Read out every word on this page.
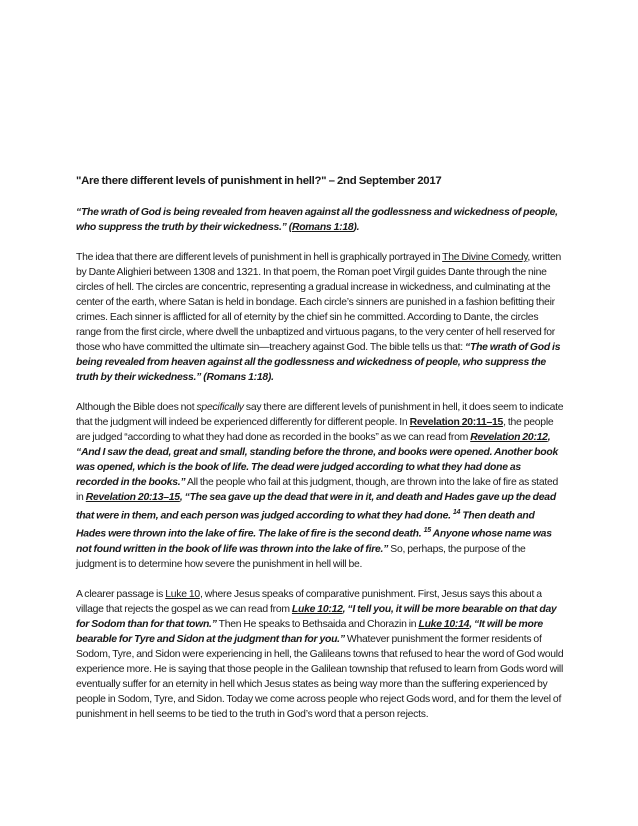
"Are there different levels of punishment in hell?" – 2nd September 2017

“The wrath of God is being revealed from heaven against all the godlessness and wickedness of people, who suppress the truth by their wickedness.” (Romans 1:18).

The idea that there are different levels of punishment in hell is graphically portrayed in The Divine Comedy, written by Dante Alighieri between 1308 and 1321. In that poem, the Roman poet Virgil guides Dante through the nine circles of hell. The circles are concentric, representing a gradual increase in wickedness, and culminating at the center of the earth, where Satan is held in bondage. Each circle’s sinners are punished in a fashion befitting their crimes. Each sinner is afflicted for all of eternity by the chief sin he committed. According to Dante, the circles range from the first circle, where dwell the unbaptized and virtuous pagans, to the very center of hell reserved for those who have committed the ultimate sin—treachery against God. The bible tells us that: “The wrath of God is being revealed from heaven against all the godlessness and wickedness of people, who suppress the truth by their wickedness.” (Romans 1:18).

Although the Bible does not specifically say there are different levels of punishment in hell, it does seem to indicate that the judgment will indeed be experienced differently for different people. In Revelation 20:11–15, the people are judged “according to what they had done as recorded in the books” as we can read from Revelation 20:12, “And I saw the dead, great and small, standing before the throne, and books were opened. Another book was opened, which is the book of life. The dead were judged according to what they had done as recorded in the books.” All the people who fail at this judgment, though, are thrown into the lake of fire as stated in Revelation 20:13–15, “The sea gave up the dead that were in it, and death and Hades gave up the dead that were in them, and each person was judged according to what they had done. $^{14}$ Then death and Hades were thrown into the lake of fire. The lake of fire is the second death. $^{15}$ Anyone whose name was not found written in the book of life was thrown into the lake of fire.” So, perhaps, the purpose of the judgment is to determine how severe the punishment in hell will be.

A clearer passage is Luke 10, where Jesus speaks of comparative punishment. First, Jesus says this about a village that rejects the gospel as we can read from Luke 10:12, “I tell you, it will be more bearable on that day for Sodom than for that town.” Then He speaks to Bethsaida and Chorazin in Luke 10:14, “It will be more bearable for Tyre and Sidon at the judgment than for you.” Whatever punishment the former residents of Sodom, Tyre, and Sidon were experiencing in hell, the Galileans towns that refused to hear the word of God would experience more. He is saying that those people in the Galilean township that refused to learn from Gods word will eventually suffer for an eternity in hell which Jesus states as being way more than the suffering experienced by people in Sodom, Tyre, and Sidon. Today we come across people who reject Gods word, and for them the level of punishment in hell seems to be tied to the truth in God’s word that a person rejects.
